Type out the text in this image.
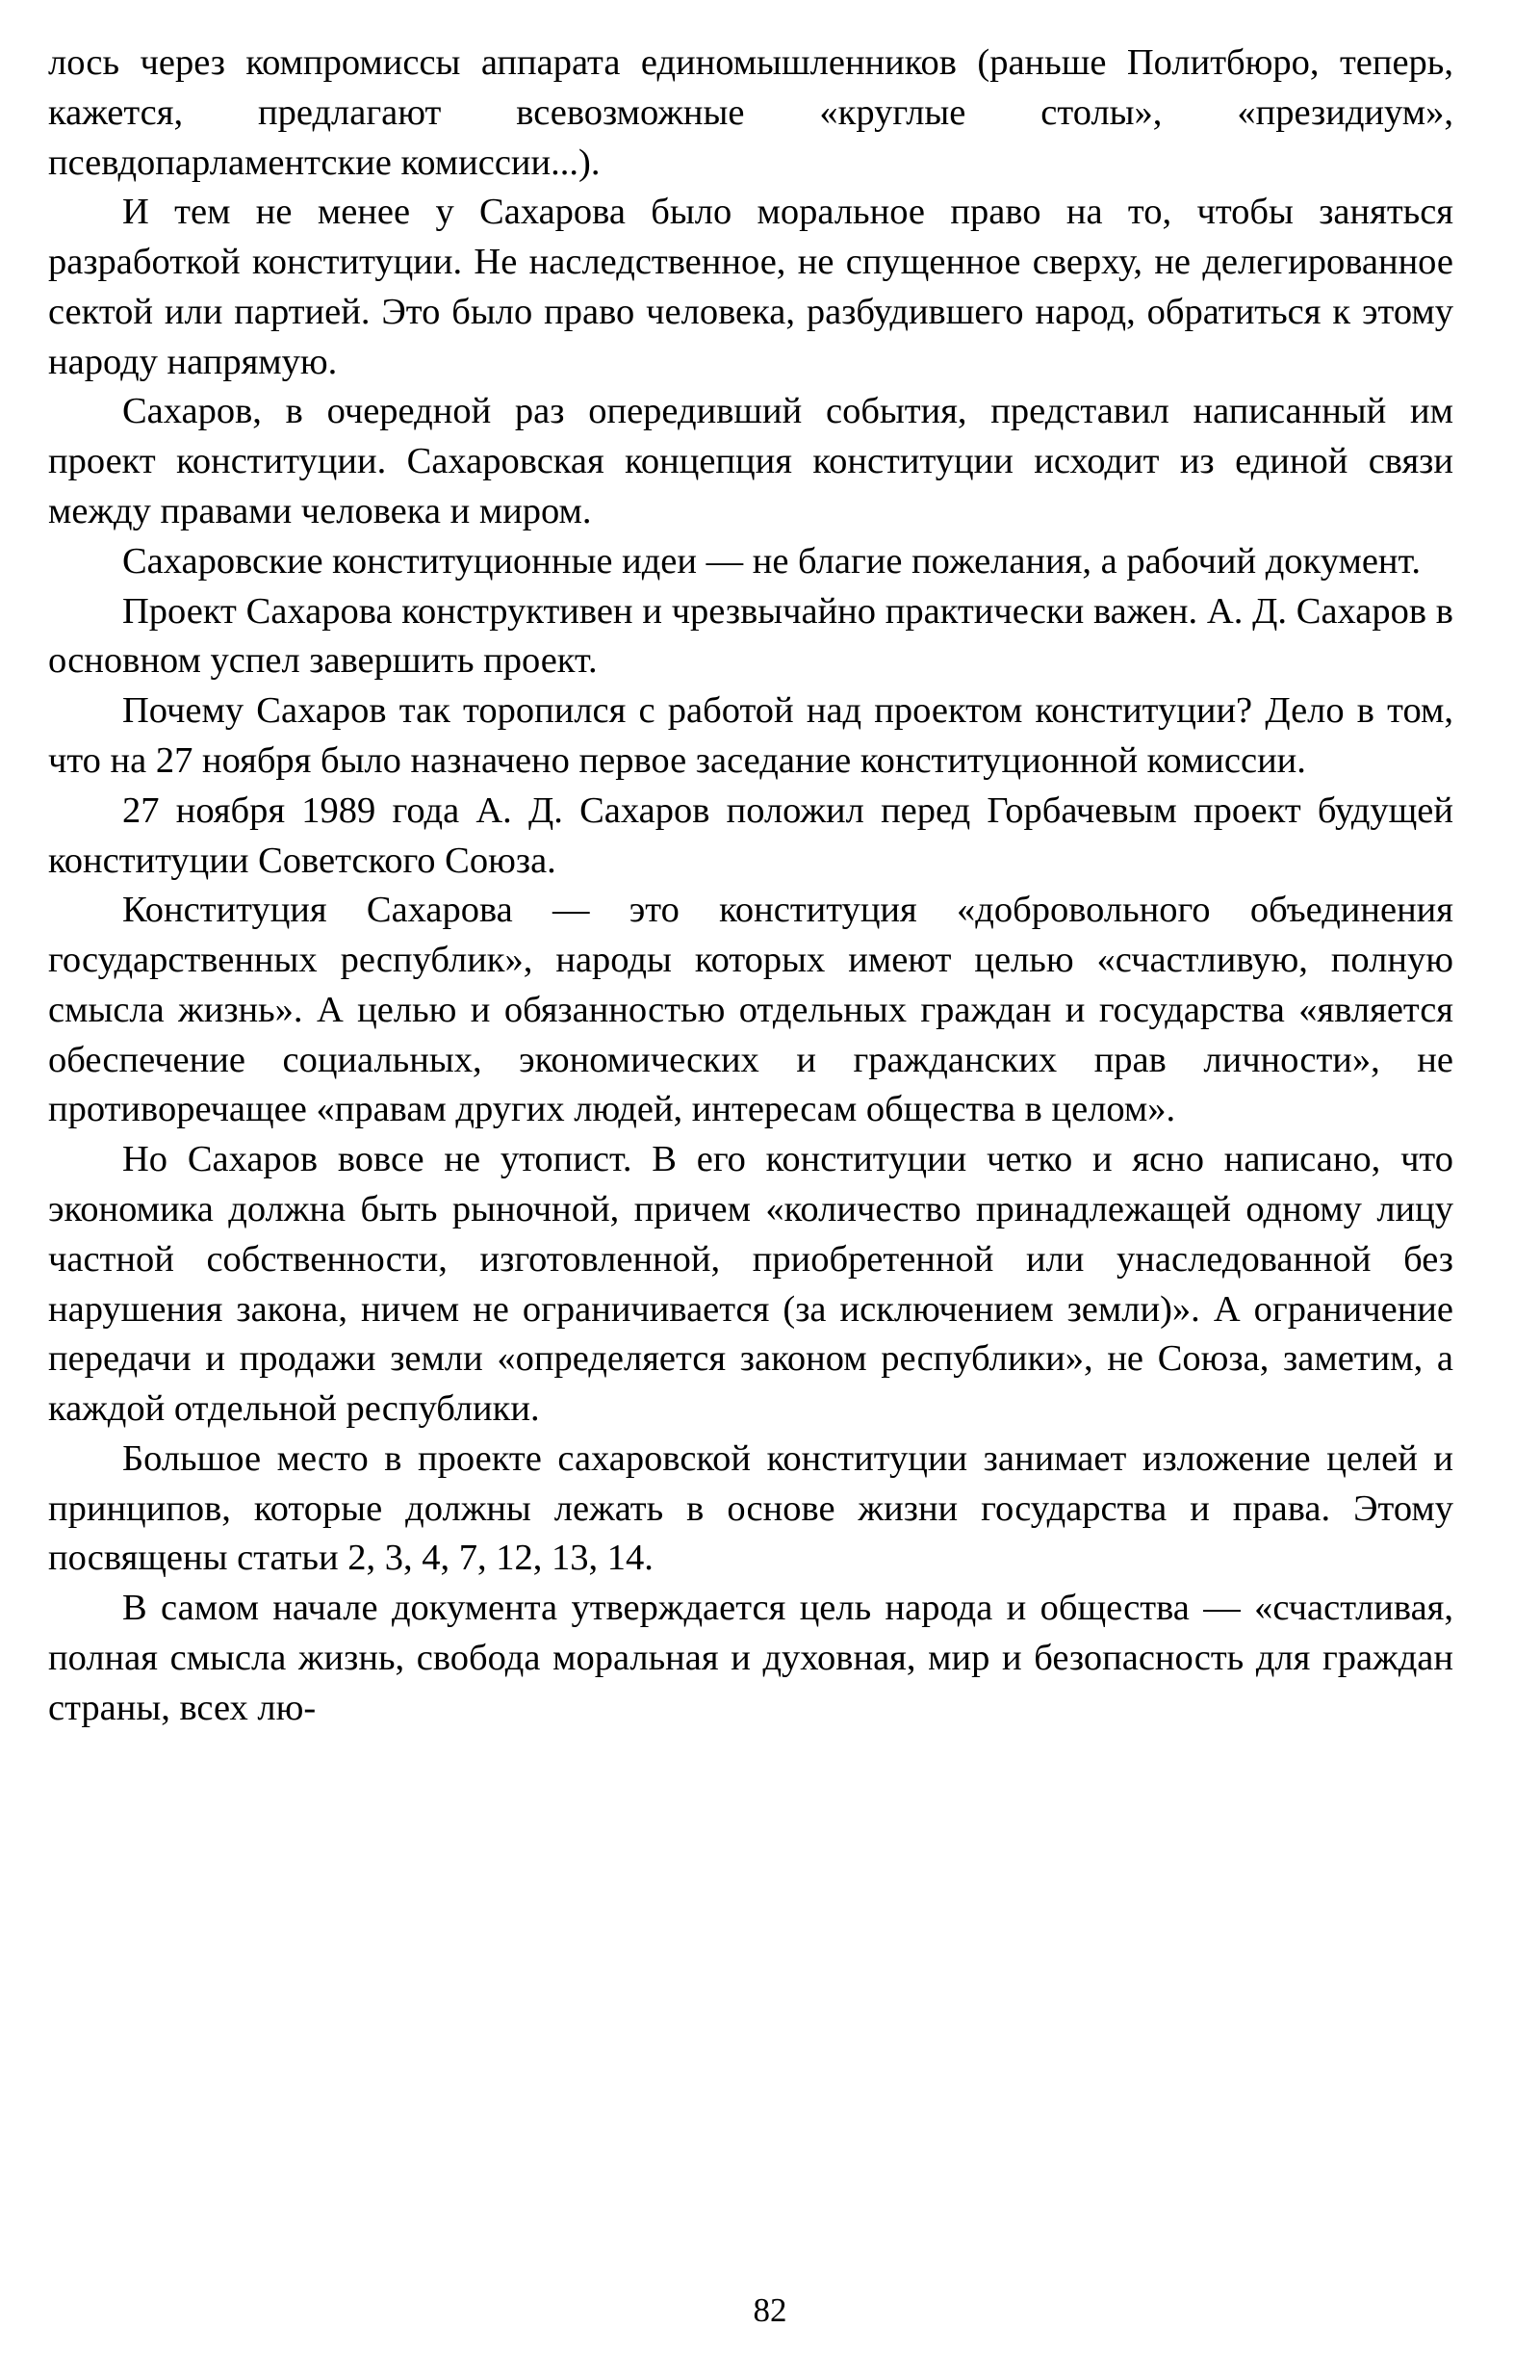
лось через компромиссы аппарата единомышленников (раньше Политбюро, теперь, кажется, предлагают всевозможные «круглые столы», «президиум», псевдопарламентские комиссии...).

И тем не менее у Сахарова было моральное право на то, чтобы заняться разработкой конституции. Не наследственное, не спущенное сверху, не делегированное сектой или партией. Это было право человека, разбудившего народ, обратиться к этому народу напрямую.

Сахаров, в очередной раз опередивший события, представил написанный им проект конституции. Сахаровская концепция конституции исходит из единой связи между правами человека и миром.

Сахаровские конституционные идеи — не благие пожелания, а рабочий документ.

Проект Сахарова конструктивен и чрезвычайно практически важен. А. Д. Сахаров в основном успел завершить проект.

Почему Сахаров так торопился с работой над проектом конституции? Дело в том, что на 27 ноября было назначено первое заседание конституционной комиссии.

27 ноября 1989 года А. Д. Сахаров положил перед Горбачевым проект будущей конституции Советского Союза.

Конституция Сахарова — это конституция «добровольного объединения государственных республик», народы которых имеют целью «счастливую, полную смысла жизнь». А целью и обязанностью отдельных граждан и государства «является обеспечение социальных, экономических и гражданских прав личности», не противоречащее «правам других людей, интересам общества в целом».

Но Сахаров вовсе не утопист. В его конституции четко и ясно написано, что экономика должна быть рыночной, причем «количество принадлежащей одному лицу частной собственности, изготовленной, приобретенной или унаследованной без нарушения закона, ничем не ограничивается (за исключением земли)». А ограничение передачи и продажи земли «определяется законом республики», не Союза, заметим, а каждой отдельной республики.

Большое место в проекте сахаровской конституции занимает изложение целей и принципов, которые должны лежать в основе жизни государства и права. Этому посвящены статьи 2, 3, 4, 7, 12, 13, 14.

В самом начале документа утверждается цель народа и общества — «счастливая, полная смысла жизнь, свобода моральная и духовная, мир и безопасность для граждан страны, всех лю-

82
